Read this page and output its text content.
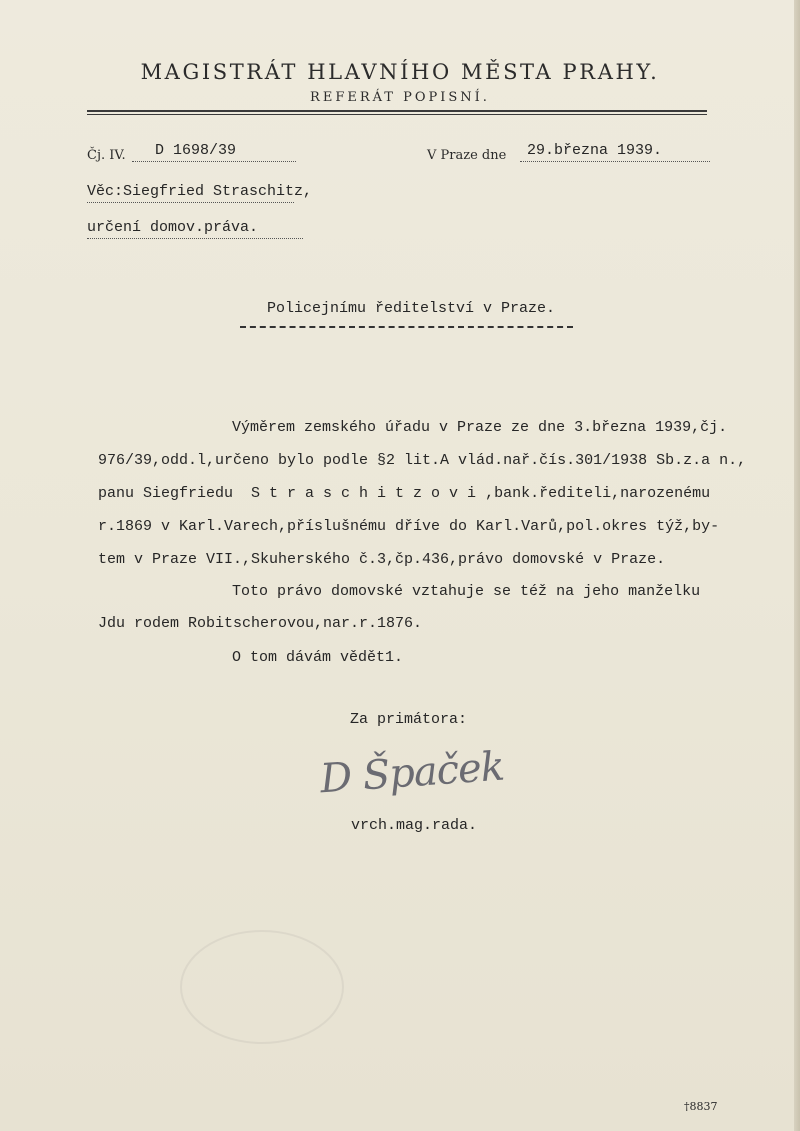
MAGISTRÁT HLAVNÍHO MĚSTA PRAHY.
REFERÁT POPISNÍ.
Čj. IV. D 1698/39	V Praze dne 29.března 1939.
Věc:Siegfried Straschitz,
určení domov.práva.
Policejnímu ředitelství v Praze.
Výměrem zemského úřadu v Praze ze dne 3.března 1939,čj.
976/39,odd.l,určeno bylo podle §2 lit.A vlád.nař.čís.301/1938 Sb.z.a n.,
panu Siegfriedu  S t r a s c h i t z o v i ,bank.řediteli,narozenému
r.1869 v Karl.Varech,příslušnému dříve do Karl.Varů,pol.okres týž,by-
tem v Praze VII.,Skuherského č.3,čp.436,právo domovské v Praze.
Toto právo domovské vztahuje se též na jeho manželku
Jdu rodem Robitscherovou,nar.r.1876.
O tom dávám vědět1.
Za primátora:
D Špaček
vrch.mag.rada.
†8837
